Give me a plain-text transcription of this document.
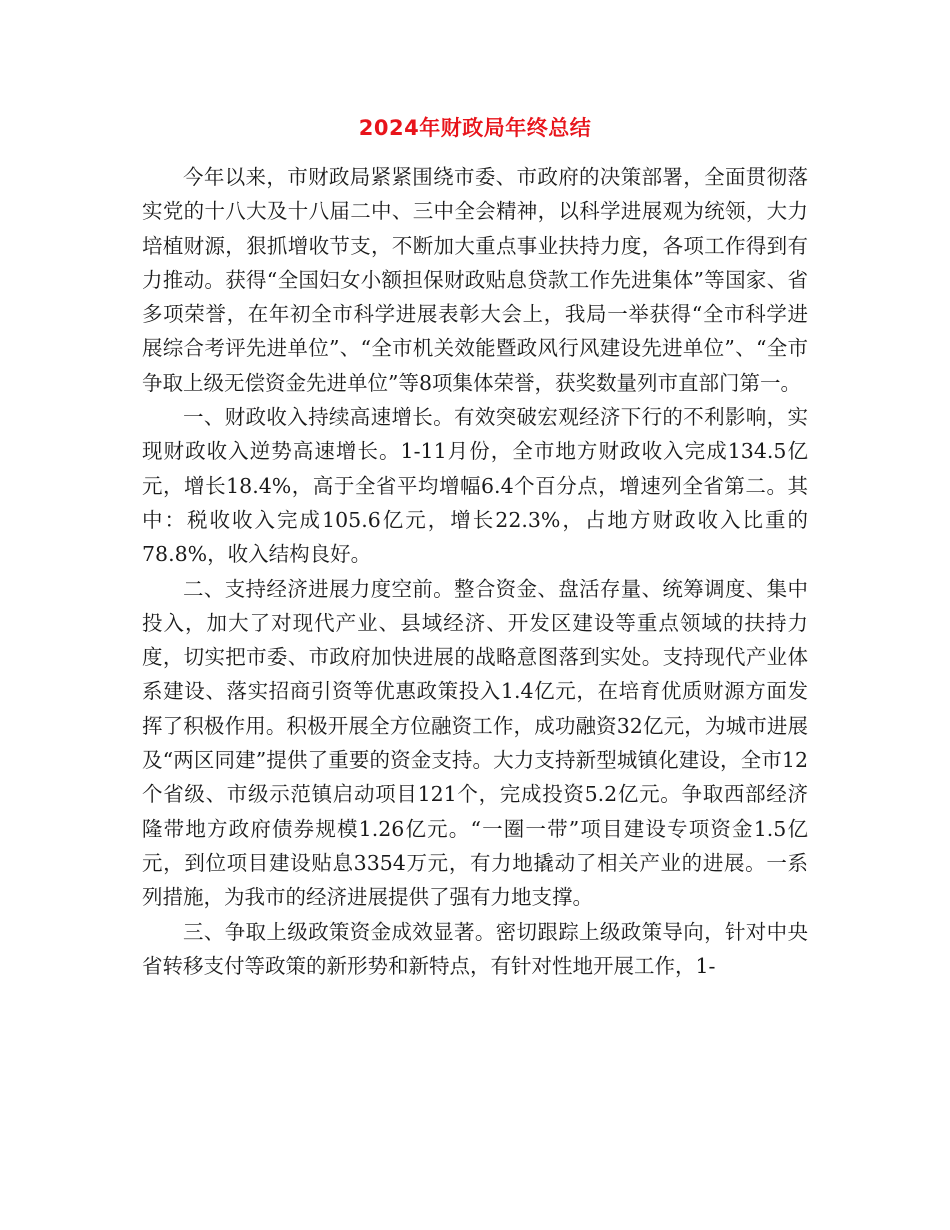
2024年财政局年终总结

今年以来，市财政局紧紧围绕市委、市政府的决策部署，全面贯彻落实党的十八大及十八届二中、三中全会精神，以科学进展观为统领，大力培植财源，狠抓增收节支，不断加大重点事业扶持力度，各项工作得到有力推动。获得“全国妇女小额担保财政贴息贷款工作先进集体”等国家、省多项荣誉，在年初全市科学进展表彰大会上，我局一举获得“全市科学进展综合考评先进单位”、“全市机关效能暨政风行风建设先进单位”、“全市争取上级无偿资金先进单位”等8项集体荣誉，获奖数量列市直部门第一。

一、财政收入持续高速增长。有效突破宏观经济下行的不利影响，实现财政收入逆势高速增长。1-11月份，全市地方财政收入完成134.5亿元，增长18.4%，高于全省平均增幅6.4个百分点，增速列全省第二。其中：税收收入完成105.6亿元，增长22.3%，占地方财政收入比重的78.8%，收入结构良好。

二、支持经济进展力度空前。整合资金、盘活存量、统筹调度、集中投入，加大了对现代产业、县域经济、开发区建设等重点领域的扶持力度，切实把市委、市政府加快进展的战略意图落到实处。支持现代产业体系建设、落实招商引资等优惠政策投入1.4亿元，在培育优质财源方面发挥了积极作用。积极开展全方位融资工作，成功融资32亿元，为城市进展及“两区同建”提供了重要的资金支持。大力支持新型城镇化建设，全市12个省级、市级示范镇启动项目121个，完成投资5.2亿元。争取西部经济隆带地方政府债券规模1.26亿元。“一圈一带”项目建设专项资金1.5亿元，到位项目建设贴息3354万元，有力地撬动了相关产业的进展。一系列措施，为我市的经济进展提供了强有力地支撑。

三、争取上级政策资金成效显著。密切跟踪上级政策导向，针对中央省转移支付等政策的新形势和新特点，有针对性地开展工作，1-
